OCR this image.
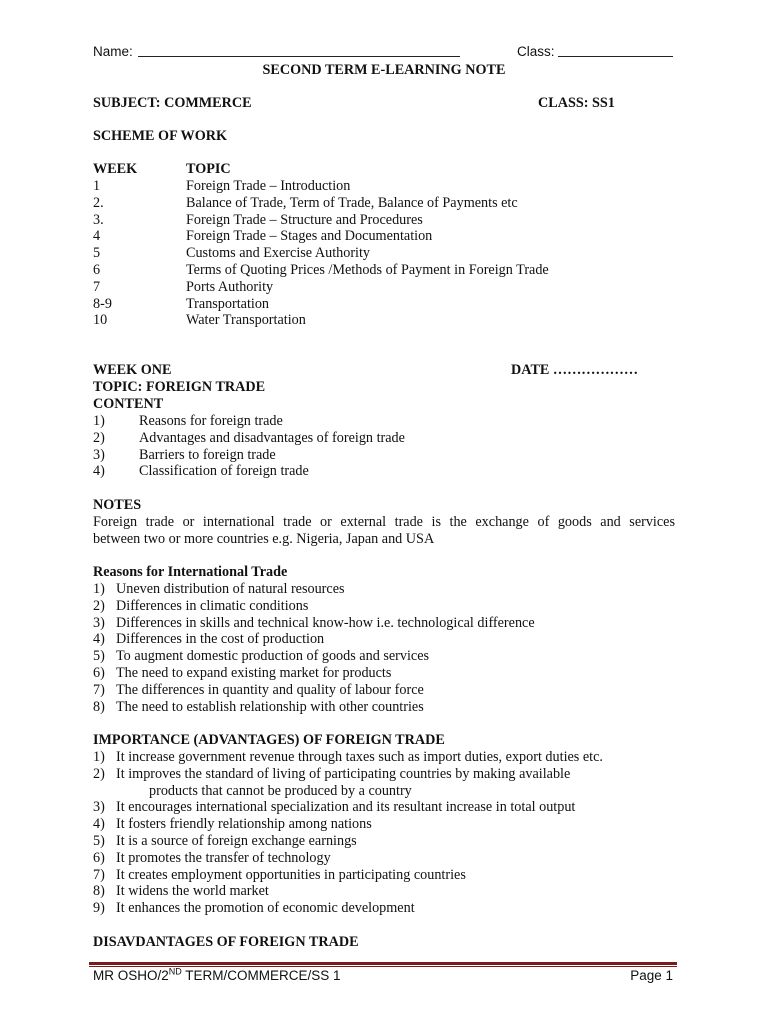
Name:	Class:
SECOND TERM E-LEARNING NOTE
SUBJECT: COMMERCE	CLASS: SS1
SCHEME OF WORK
WEEK	TOPIC
1	Foreign Trade – Introduction
2.	Balance of Trade, Term of Trade, Balance of Payments etc
3.	Foreign Trade – Structure and Procedures
4	Foreign Trade – Stages and Documentation
5	Customs and Exercise Authority
6	Terms of Quoting Prices /Methods of Payment in Foreign Trade
7	Ports Authority
8-9	Transportation
10	Water Transportation
WEEK ONE	DATE ………………
TOPIC: FOREIGN TRADE
CONTENT
1) Reasons for foreign trade
2) Advantages and disadvantages of foreign trade
3) Barriers to foreign trade
4) Classification of foreign trade
NOTES
Foreign trade or international trade or external trade is the exchange of goods and services
between two or more countries e.g. Nigeria, Japan and USA
Reasons for International Trade
1) Uneven distribution of natural resources
2) Differences in climatic conditions
3) Differences in skills and technical know-how i.e. technological difference
4) Differences in the cost of production
5) To augment domestic production of goods and services
6) The need to expand existing market for products
7) The differences in quantity and quality of labour force
8) The need to establish relationship with other countries
IMPORTANCE (ADVANTAGES) OF FOREIGN TRADE
1) It increase government revenue through taxes such as import duties, export duties etc.
2) It improves the standard of living of participating countries by making available
products that cannot be produced by a country
3) It encourages international specialization and its resultant increase in total output
4) It fosters friendly relationship among nations
5) It is a source of foreign exchange earnings
6) It promotes the transfer of technology
7) It creates employment opportunities in participating countries
8) It widens the world market
9) It enhances the promotion of economic development
DISAVDANTAGES OF FOREIGN TRADE
MR OSHO/2ND TERM/COMMERCE/SS 1	Page 1
